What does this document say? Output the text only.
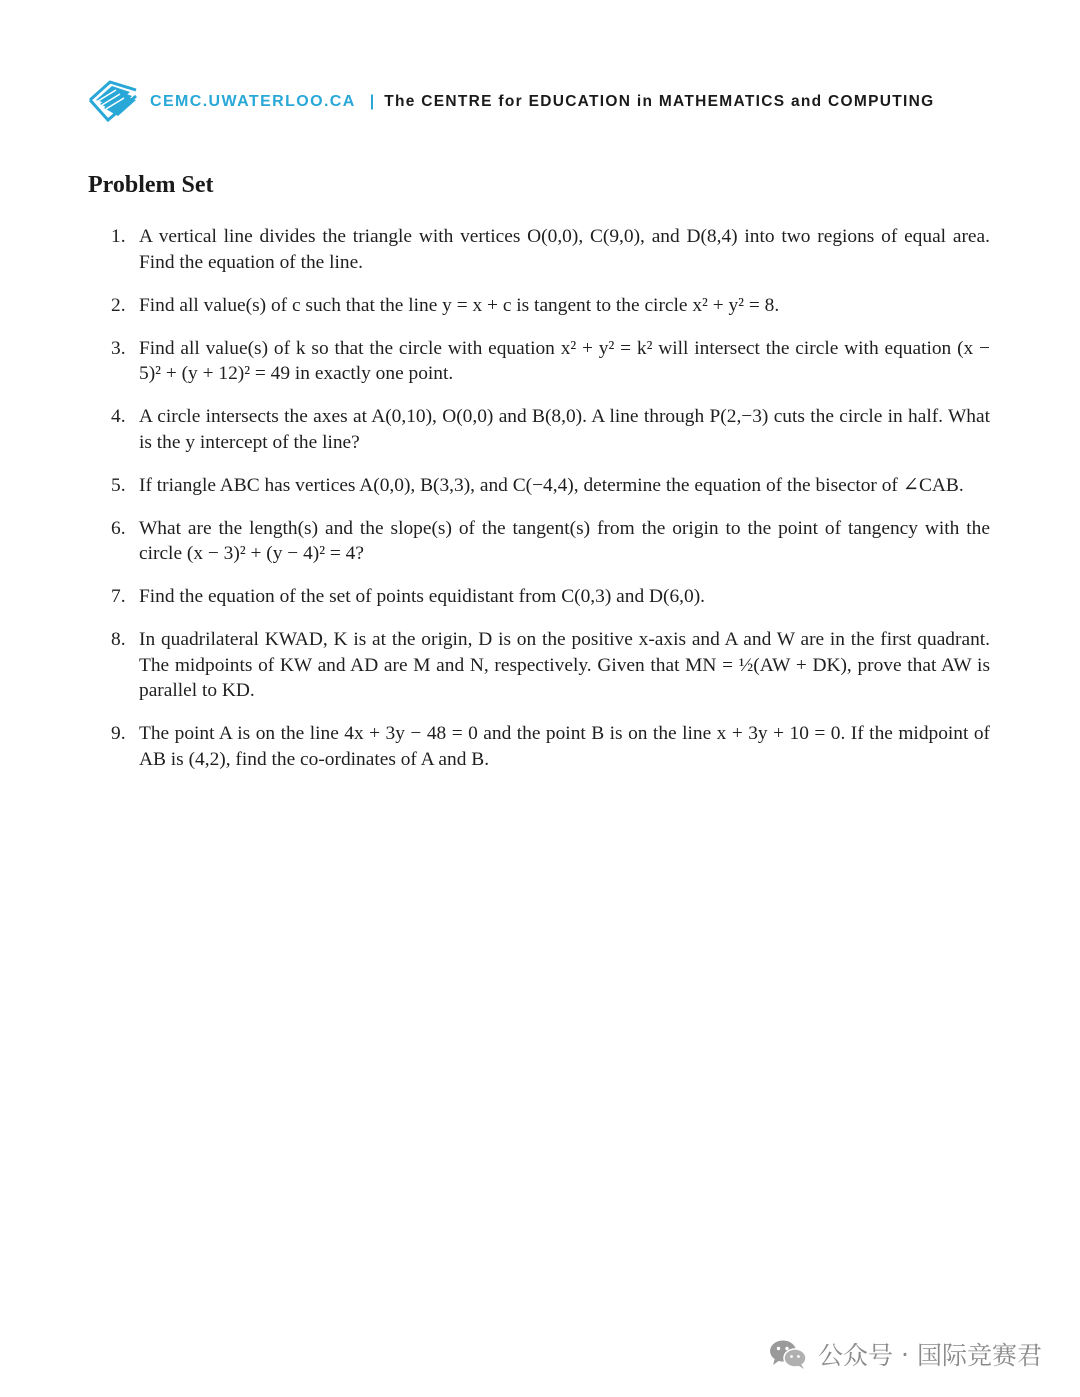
CEMC.UWATERLOO.CA | The CENTRE for EDUCATION in MATHEMATICS and COMPUTING
Problem Set
1. A vertical line divides the triangle with vertices O(0,0), C(9,0), and D(8,4) into two regions of equal area. Find the equation of the line.
2. Find all value(s) of c such that the line y = x + c is tangent to the circle x² + y² = 8.
3. Find all value(s) of k so that the circle with equation x² + y² = k² will intersect the circle with equation (x − 5)² + (y + 12)² = 49 in exactly one point.
4. A circle intersects the axes at A(0,10), O(0,0) and B(8,0). A line through P(2,−3) cuts the circle in half. What is the y intercept of the line?
5. If triangle ABC has vertices A(0,0), B(3,3), and C(−4,4), determine the equation of the bisector of ∠CAB.
6. What are the length(s) and the slope(s) of the tangent(s) from the origin to the point of tangency with the circle (x − 3)² + (y − 4)² = 4?
7. Find the equation of the set of points equidistant from C(0,3) and D(6,0).
8. In quadrilateral KWAD, K is at the origin, D is on the positive x-axis and A and W are in the first quadrant. The midpoints of KW and AD are M and N, respectively. Given that MN = ½(AW + DK), prove that AW is parallel to KD.
9. The point A is on the line 4x + 3y − 48 = 0 and the point B is on the line x + 3y + 10 = 0. If the midpoint of AB is (4,2), find the co-ordinates of A and B.
公众号 · 国际竞赛君
